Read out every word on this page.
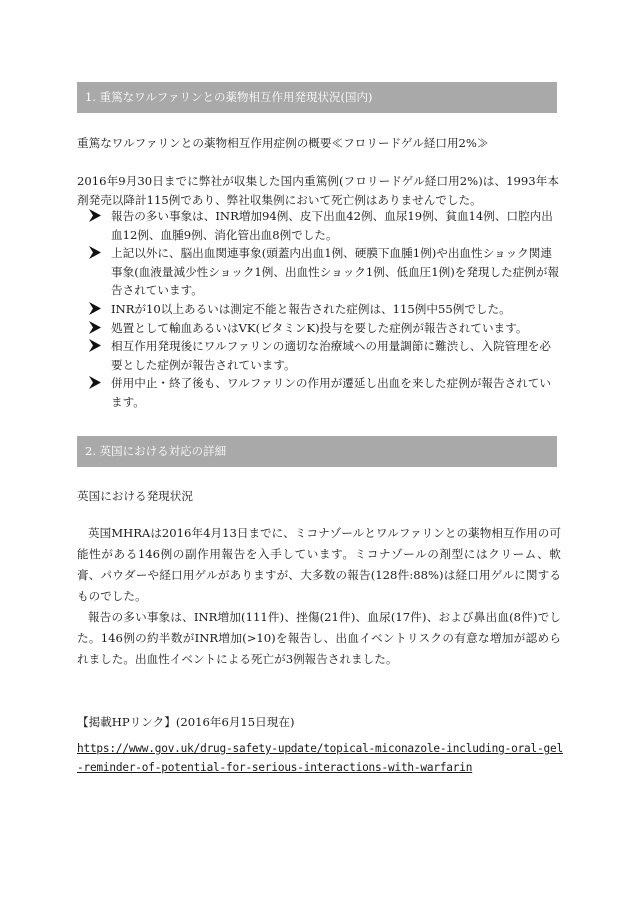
1. 重篤なワルファリンとの薬物相互作用発現状況(国内)
重篤なワルファリンとの薬物相互作用症例の概要≪フロリードゲル経口用2%≫
2016年9月30日までに弊社が収集した国内重篤例(フロリードゲル経口用2%)は、1993年本剤発売以降計115例であり、弊社収集例において死亡例はありませんでした。
報告の多い事象は、INR増加94例、皮下出血42例、血尿19例、貧血14例、口腔内出血12例、血腫9例、消化管出血8例でした。
上記以外に、脳出血関連事象(頭蓋内出血1例、硬膜下血腫1例)や出血性ショック関連事象(血液量減少性ショック1例、出血性ショック1例、低血圧1例)を発現した症例が報告されています。
INRが10以上あるいは測定不能と報告された症例は、115例中55例でした。
処置として輸血あるいはVK(ビタミンK)投与を要した症例が報告されています。
相互作用発現後にワルファリンの適切な治療域への用量調節に難渋し、入院管理を必要とした症例が報告されています。
併用中止・終了後も、ワルファリンの作用が遷延し出血を来した症例が報告されています。
2. 英国における対応の詳細
英国における発現状況

英国MHRAは2016年4月13日までに、ミコナゾールとワルファリンとの薬物相互作用の可能性がある146例の副作用報告を入手しています。ミコナゾールの剤型にはクリーム、軟膏、パウダーや経口用ゲルがありますが、大多数の報告(128件:88%)は経口用ゲルに関するものでした。

報告の多い事象は、INR増加(111件)、挫傷(21件)、血尿(17件)、および鼻出血(8件)でした。146例の約半数がINR増加(>10)を報告し、出血イベントリスクの有意な増加が認められました。出血性イベントによる死亡が3例報告されました。

【掲載HPリンク】(2016年6月15日現在)
https://www.gov.uk/drug-safety-update/topical-miconazole-including-oral-gel-reminder-of-potential-for-serious-interactions-with-warfarin
